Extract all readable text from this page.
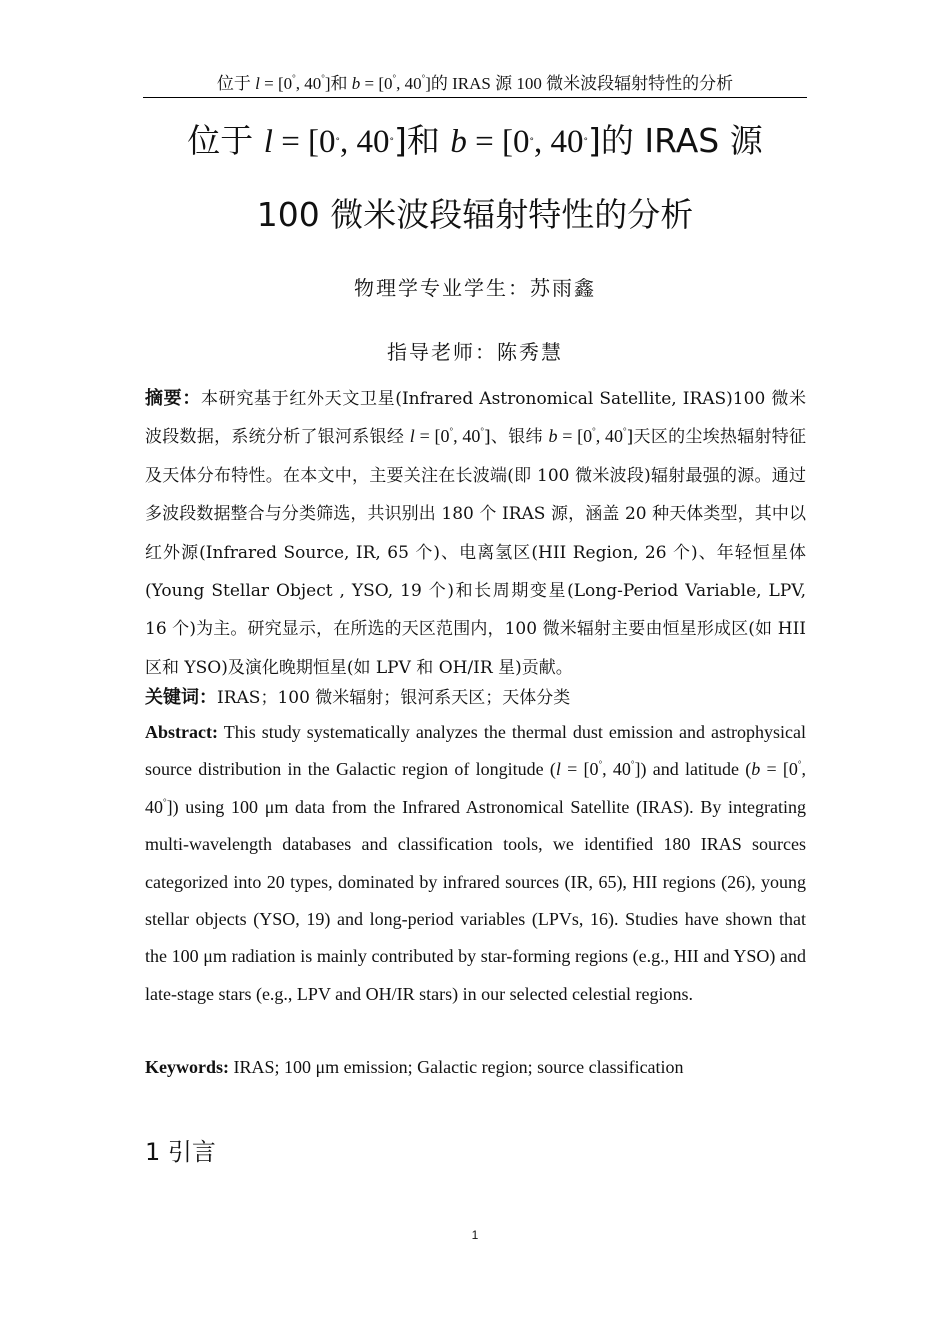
位于 l = [0°, 40°]和 b = [0°, 40°]的 IRAS 源 100 微米波段辐射特性的分析
位于 l = [0°, 40°]和 b = [0°, 40°]的 IRAS 源
100 微米波段辐射特性的分析
物理学专业学生：苏雨鑫
指导老师：陈秀慧
摘要：本研究基于红外天文卫星(Infrared Astronomical Satellite, IRAS)100 微米波段数据，系统分析了银河系银经 l = [0°, 40°]、银纬 b = [0°, 40°]天区的尘埃热辐射特征及天体分布特性。在本文中，主要关注在长波端(即 100 微米波段)辐射最强的源。通过多波段数据整合与分类筛选，共识别出 180 个 IRAS 源，涵盖 20 种天体类型，其中以红外源(Infrared Source, IR, 65 个)、电离氢区(HII Region, 26 个)、年轻恒星体(Young Stellar Object , YSO, 19 个)和长周期变星(Long-Period Variable, LPV, 16 个)为主。研究显示，在所选的天区范围内，100 微米辐射主要由恒星形成区(如 HII 区和 YSO)及演化晚期恒星(如 LPV 和 OH/IR 星)贡献。
关键词：IRAS；100 微米辐射；银河系天区；天体分类
Abstract: This study systematically analyzes the thermal dust emission and astrophysical source distribution in the Galactic region of longitude (l = [0°, 40°]) and latitude (b = [0°, 40°]) using 100 μm data from the Infrared Astronomical Satellite (IRAS). By integrating multi-wavelength databases and classification tools, we identified 180 IRAS sources categorized into 20 types, dominated by infrared sources (IR, 65), HII regions (26), young stellar objects (YSO, 19) and long-period variables (LPVs, 16). Studies have shown that the 100 μm radiation is mainly contributed by star-forming regions (e.g., HII and YSO) and late-stage stars (e.g., LPV and OH/IR stars) in our selected celestial regions.
Keywords: IRAS; 100 μm emission; Galactic region; source classification
1 引言
1
